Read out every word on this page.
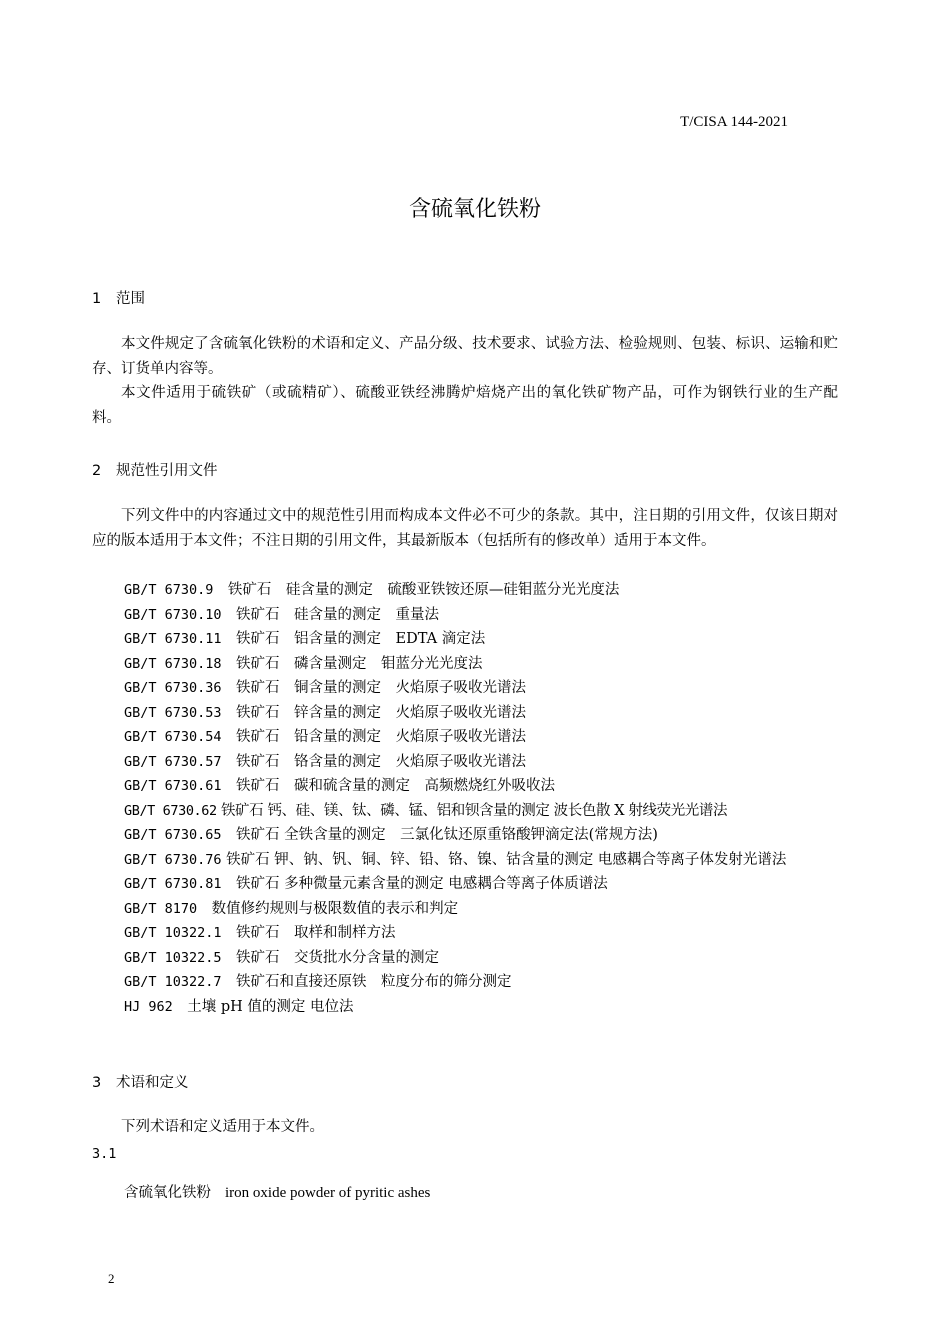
T/CISA 144-2021
含硫氧化铁粉
1 范围

本文件规定了含硫氧化铁粉的术语和定义、产品分级、技术要求、试验方法、检验规则、包装、标识、运输和贮存、订货单内容等。

本文件适用于硫铁矿（或硫精矿）、硫酸亚铁经沸腾炉焙烧产出的氧化铁矿物产品，可作为钢铁行业的生产配料。

2 规范性引用文件

下列文件中的内容通过文中的规范性引用而构成本文件必不可少的条款。其中，注日期的引用文件，仅该日期对应的版本适用于本文件；不注日期的引用文件，其最新版本（包括所有的修改单）适用于本文件。

GB/T 6730.9　 铁矿石　硅含量的测定　硫酸亚铁铵还原—硅钼蓝分光光度法
GB/T 6730.10　 铁矿石　硅含量的测定　重量法
GB/T 6730.11　 铁矿石　铝含量的测定　EDTA 滴定法
GB/T 6730.18　 铁矿石　磷含量测定　钼蓝分光光度法
GB/T 6730.36　 铁矿石　铜含量的测定　火焰原子吸收光谱法
GB/T 6730.53　 铁矿石　锌含量的测定　火焰原子吸收光谱法
GB/T 6730.54　 铁矿石　铅含量的测定　火焰原子吸收光谱法
GB/T 6730.57　 铁矿石　铬含量的测定　火焰原子吸收光谱法
GB/T 6730.61　 铁矿石　碳和硫含量的测定　高频燃烧红外吸收法
GB/T 6730.62 铁矿石 钙、硅、镁、钛、磷、锰、铝和钡含量的测定 波长色散 X 射线荧光光谱法
GB/T 6730.65　 铁矿石 全铁含量的测定　三氯化钛还原重铬酸钾滴定法(常规方法)
GB/T 6730.76 铁矿石 钾、钠、钒、铜、锌、铅、铬、镍、钴含量的测定 电感耦合等离子体发射光谱法
GB/T 6730.81　 铁矿石 多种微量元素含量的测定 电感耦合等离子体质谱法
GB/T 8170　 数值修约规则与极限数值的表示和判定
GB/T 10322.1　 铁矿石　取样和制样方法
GB/T 10322.5　 铁矿石　交货批水分含量的测定
GB/T 10322.7　 铁矿石和直接还原铁　粒度分布的筛分测定
HJ 962　 土壤 pH 值的测定 电位法
3 术语和定义

下列术语和定义适用于本文件。

3.1
含硫氧化铁粉 iron oxide powder of pyritic ashes
2
